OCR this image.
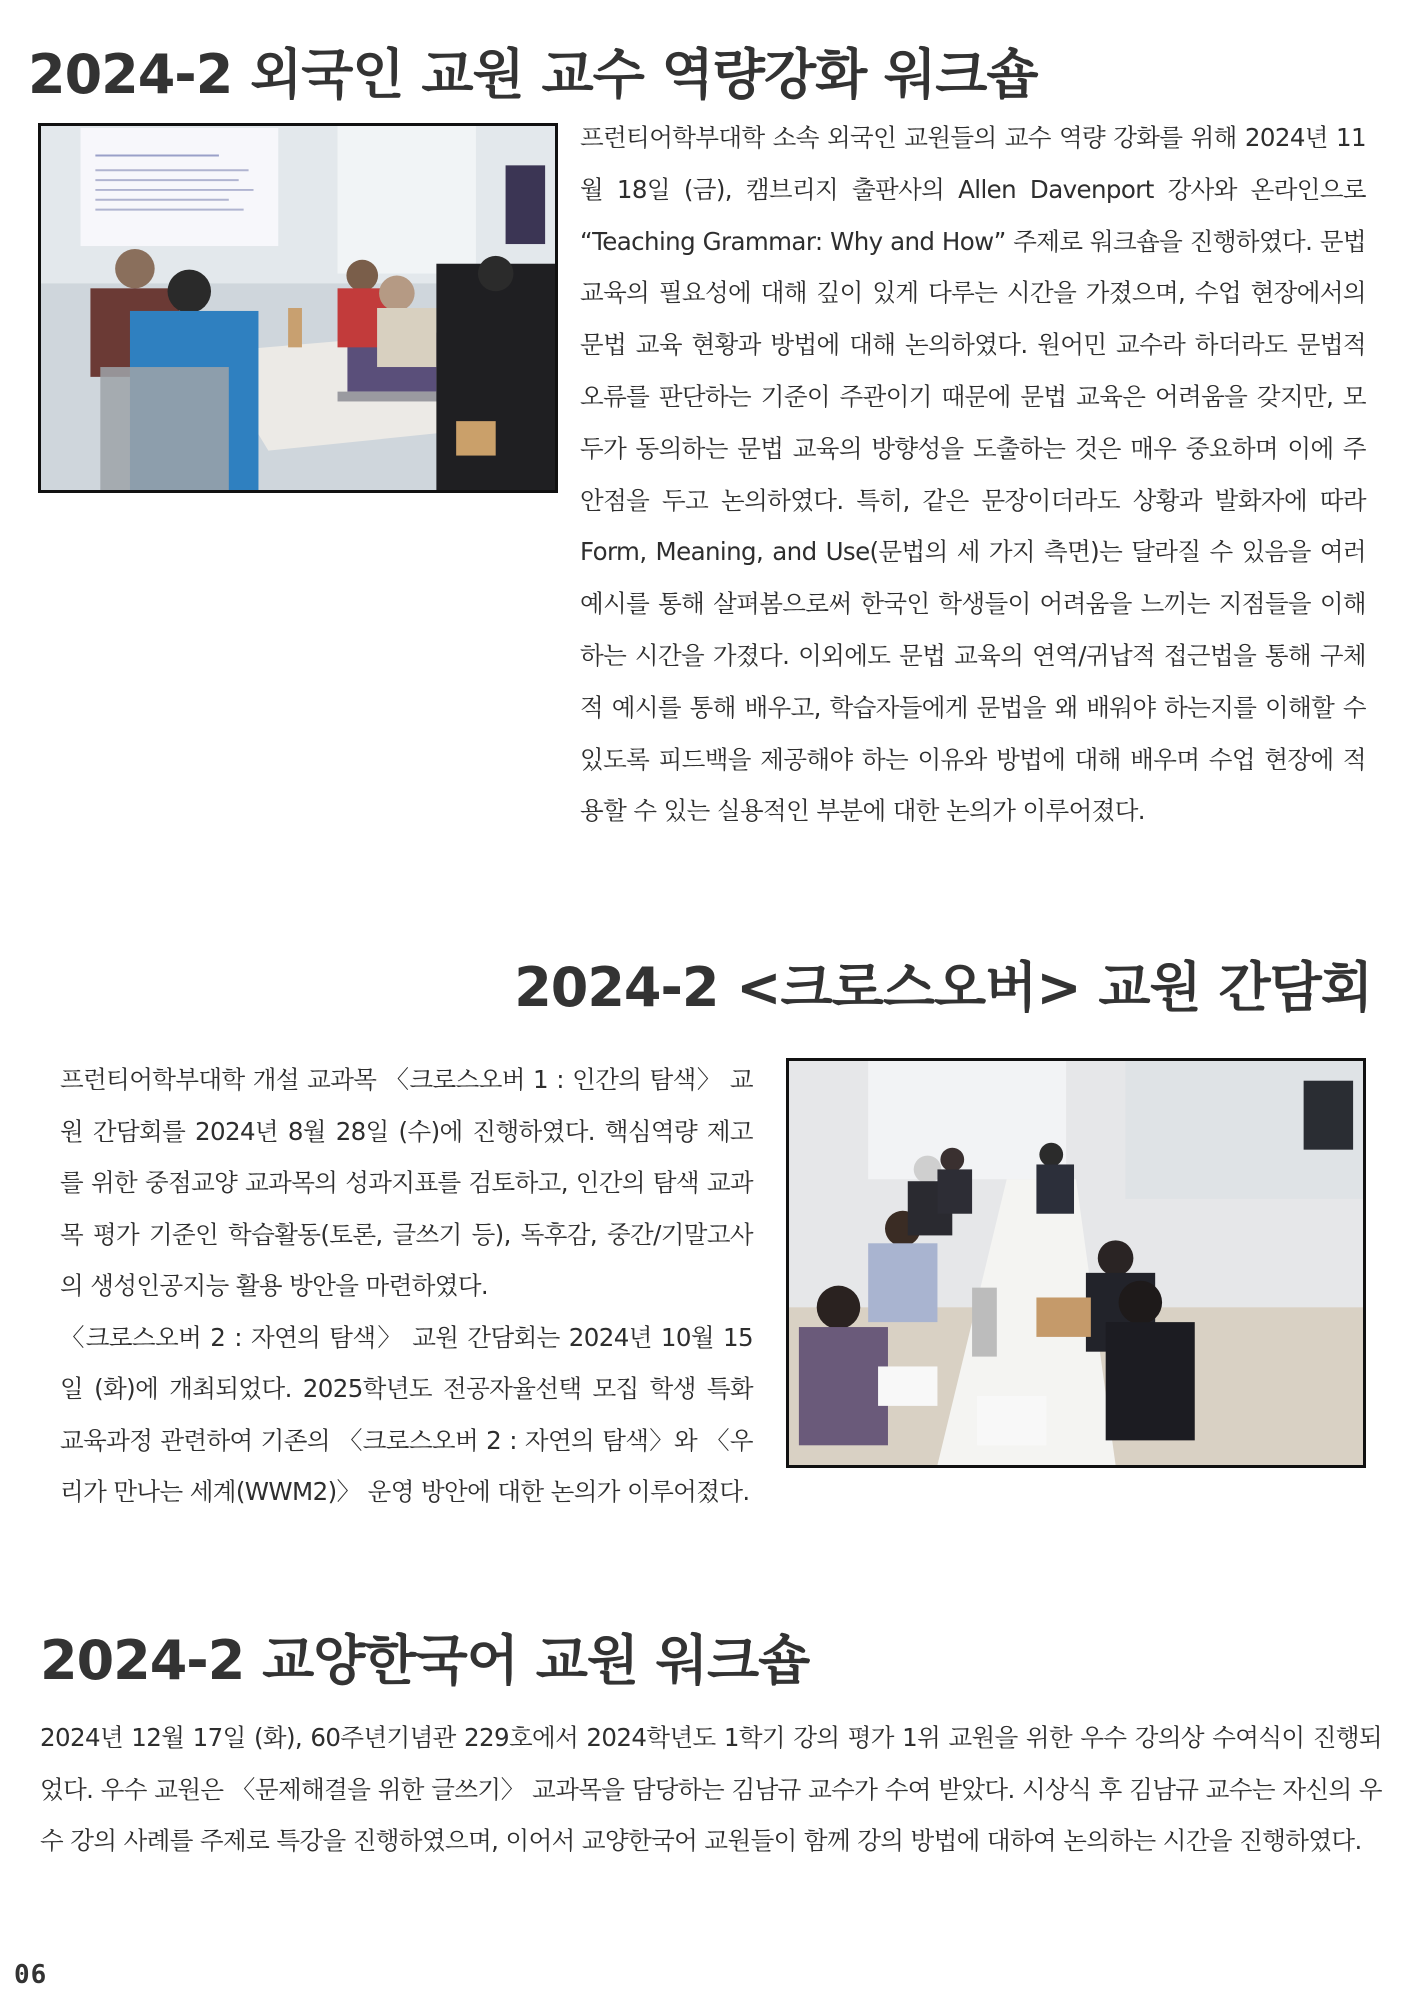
2024-2 외국인 교원 교수 역량강화 워크숍

프런티어학부대학 소속 외국인 교원들의 교수 역량 강화를 위해 2024년 11월 18일 (금), 캠브리지 출판사의 Allen Davenport 강사와 온라인으로 “Teaching Grammar: Why and How” 주제로 워크숍을 진행하였다. 문법 교육의 필요성에 대해 깊이 있게 다루는 시간을 가졌으며, 수업 현장에서의 문법 교육 현황과 방법에 대해 논의하였다. 원어민 교수라 하더라도 문법적 오류를 판단하는 기준이 주관이기 때문에 문법 교육은 어려움을 갖지만, 모두가 동의하는 문법 교육의 방향성을 도출하는 것은 매우 중요하며 이에 주안점을 두고 논의하였다. 특히, 같은 문장이더라도 상황과 발화자에 따라 Form, Meaning, and Use(문법의 세 가지 측면)는 달라질 수 있음을 여러 예시를 통해 살펴봄으로써 한국인 학생들이 어려움을 느끼는 지점들을 이해하는 시간을 가졌다. 이외에도 문법 교육의 연역/귀납적 접근법을 통해 구체적 예시를 통해 배우고, 학습자들에게 문법을 왜 배워야 하는지를 이해할 수 있도록 피드백을 제공해야 하는 이유와 방법에 대해 배우며 수업 현장에 적용할 수 있는 실용적인 부분에 대한 논의가 이루어졌다.

2024-2 <크로스오버> 교원 간담회

프런티어학부대학 개설 교과목 〈크로스오버 1 : 인간의 탐색〉 교원 간담회를 2024년 8월 28일 (수)에 진행하였다. 핵심역량 제고를 위한 중점교양 교과목의 성과지표를 검토하고, 인간의 탐색 교과목 평가 기준인 학습활동(토론, 글쓰기 등), 독후감, 중간/기말고사의 생성인공지능 활용 방안을 마련하였다.
〈크로스오버 2 : 자연의 탐색〉 교원 간담회는 2024년 10월 15일 (화)에 개최되었다. 2025학년도 전공자율선택 모집 학생 특화 교육과정 관련하여 기존의 〈크로스오버 2 : 자연의 탐색〉와 〈우리가 만나는 세계(WWM2)〉 운영 방안에 대한 논의가 이루어졌다.

2024-2 교양한국어 교원 워크숍

2024년 12월 17일 (화), 60주년기념관 229호에서 2024학년도 1학기 강의 평가 1위 교원을 위한 우수 강의상 수여식이 진행되었다. 우수 교원은 〈문제해결을 위한 글쓰기〉 교과목을 담당하는 김남규 교수가 수여 받았다. 시상식 후 김남규 교수는 자신의 우수 강의 사례를 주제로 특강을 진행하였으며, 이어서 교양한국어 교원들이 함께 강의 방법에 대하여 논의하는 시간을 진행하였다.

06
